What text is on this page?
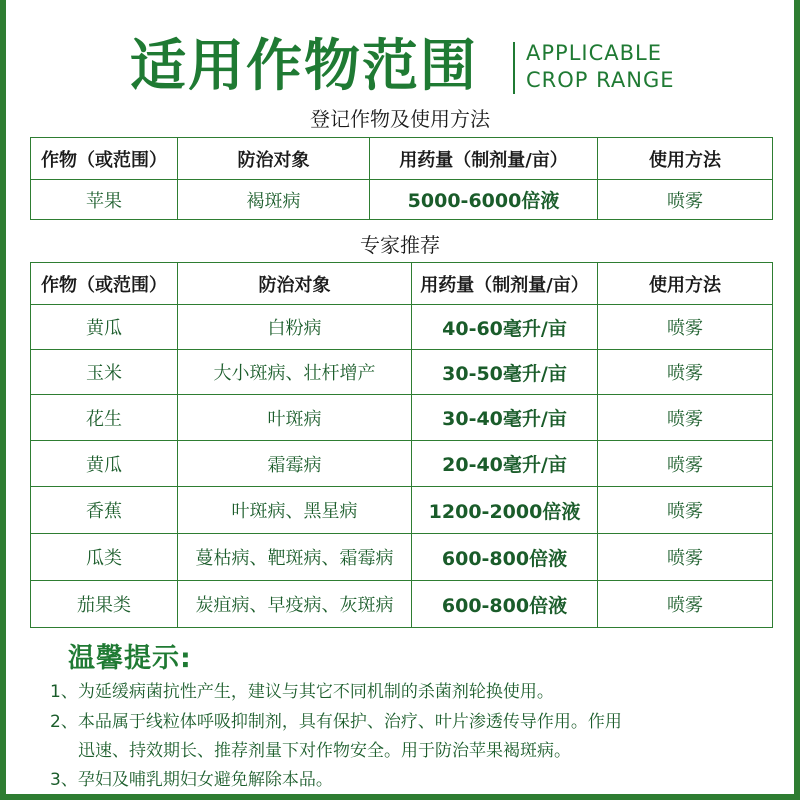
适用作物范围 APPLICABLE
CROP RANGE
登记作物及使用方法
作物（或范围）	防治对象	用药量（制剂量/亩）	使用方法
苹果	褐斑病	5000-6000倍液	喷雾
专家推荐
作物（或范围）	防治对象	用药量（制剂量/亩）	使用方法
黄瓜	白粉病	40-60毫升/亩	喷雾
玉米	大小斑病、壮杆增产	30-50毫升/亩	喷雾
花生	叶斑病	30-40毫升/亩	喷雾
黄瓜	霜霉病	20-40毫升/亩	喷雾
香蕉	叶斑病、黑星病	1200-2000倍液	喷雾
瓜类	蔓枯病、靶斑病、霜霉病	600-800倍液	喷雾
茄果类	炭疽病、早疫病、灰斑病	600-800倍液	喷雾
温馨提示:
1、为延缓病菌抗性产生，建议与其它不同机制的杀菌剂轮换使用。
2、本品属于线粒体呼吸抑制剂，具有保护、治疗、叶片渗透传导作用。作用
迅速、持效期长、推荐剂量下对作物安全。用于防治苹果褐斑病。
3、孕妇及哺乳期妇女避免解除本品。
